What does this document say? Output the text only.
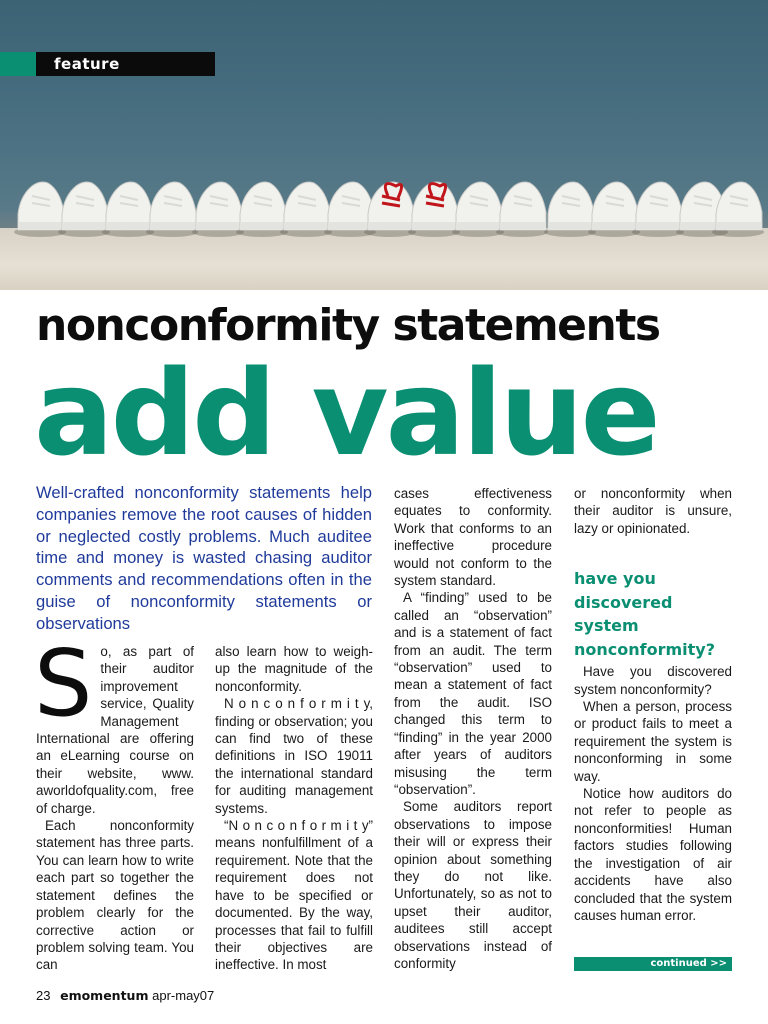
feature
nonconformity statements
add value
Well-crafted nonconformity statements help companies remove the root causes of hidden or neglected costly problems. Much auditee time and money is wasted chasing auditor comments and recommendations often in the guise of nonconformity statements or observations

So, as part of their auditor improvement service, Quality Management International are offering an eLearning course on their website, www. aworldofquality.com, free of charge.

Each nonconformity statement has three parts. You can learn how to write each part so together the statement defines the problem clearly for the corrective action or problem solving team. You can

also learn how to weigh-up the magnitude of the nonconformity.

N o n c o n f o r m i t y, finding or observation; you can find two of these definitions in ISO 19011 the international standard for auditing management systems.

“N o n c o n f o r m i t y” means nonfulfillment of a requirement. Note that the requirement does not have to be specified or documented. By the way, processes that fail to fulfill their objectives are ineffective. In most

cases effectiveness equates to conformity. Work that conforms to an ineffective procedure would not conform to the system standard.

A “finding” used to be called an “observation” and is a statement of fact from an audit. The term “observation” used to mean a statement of fact from the audit. ISO changed this term to “finding” in the year 2000 after years of auditors misusing the term “observation”.

Some auditors report observations to impose their will or express their opinion about something they do not like. Unfortunately, so as not to upset their auditor, auditees still accept observations instead of conformity

or nonconformity when their auditor is unsure, lazy or opinionated.

have you discovered system nonconformity?

Have you discovered system nonconformity?

When a person, process or product fails to meet a requirement the system is nonconforming in some way.

Notice how auditors do not refer to people as nonconformities! Human factors studies following the investigation of air accidents have also concluded that the system causes human error.

continued >>
23 emomentum apr-may07
